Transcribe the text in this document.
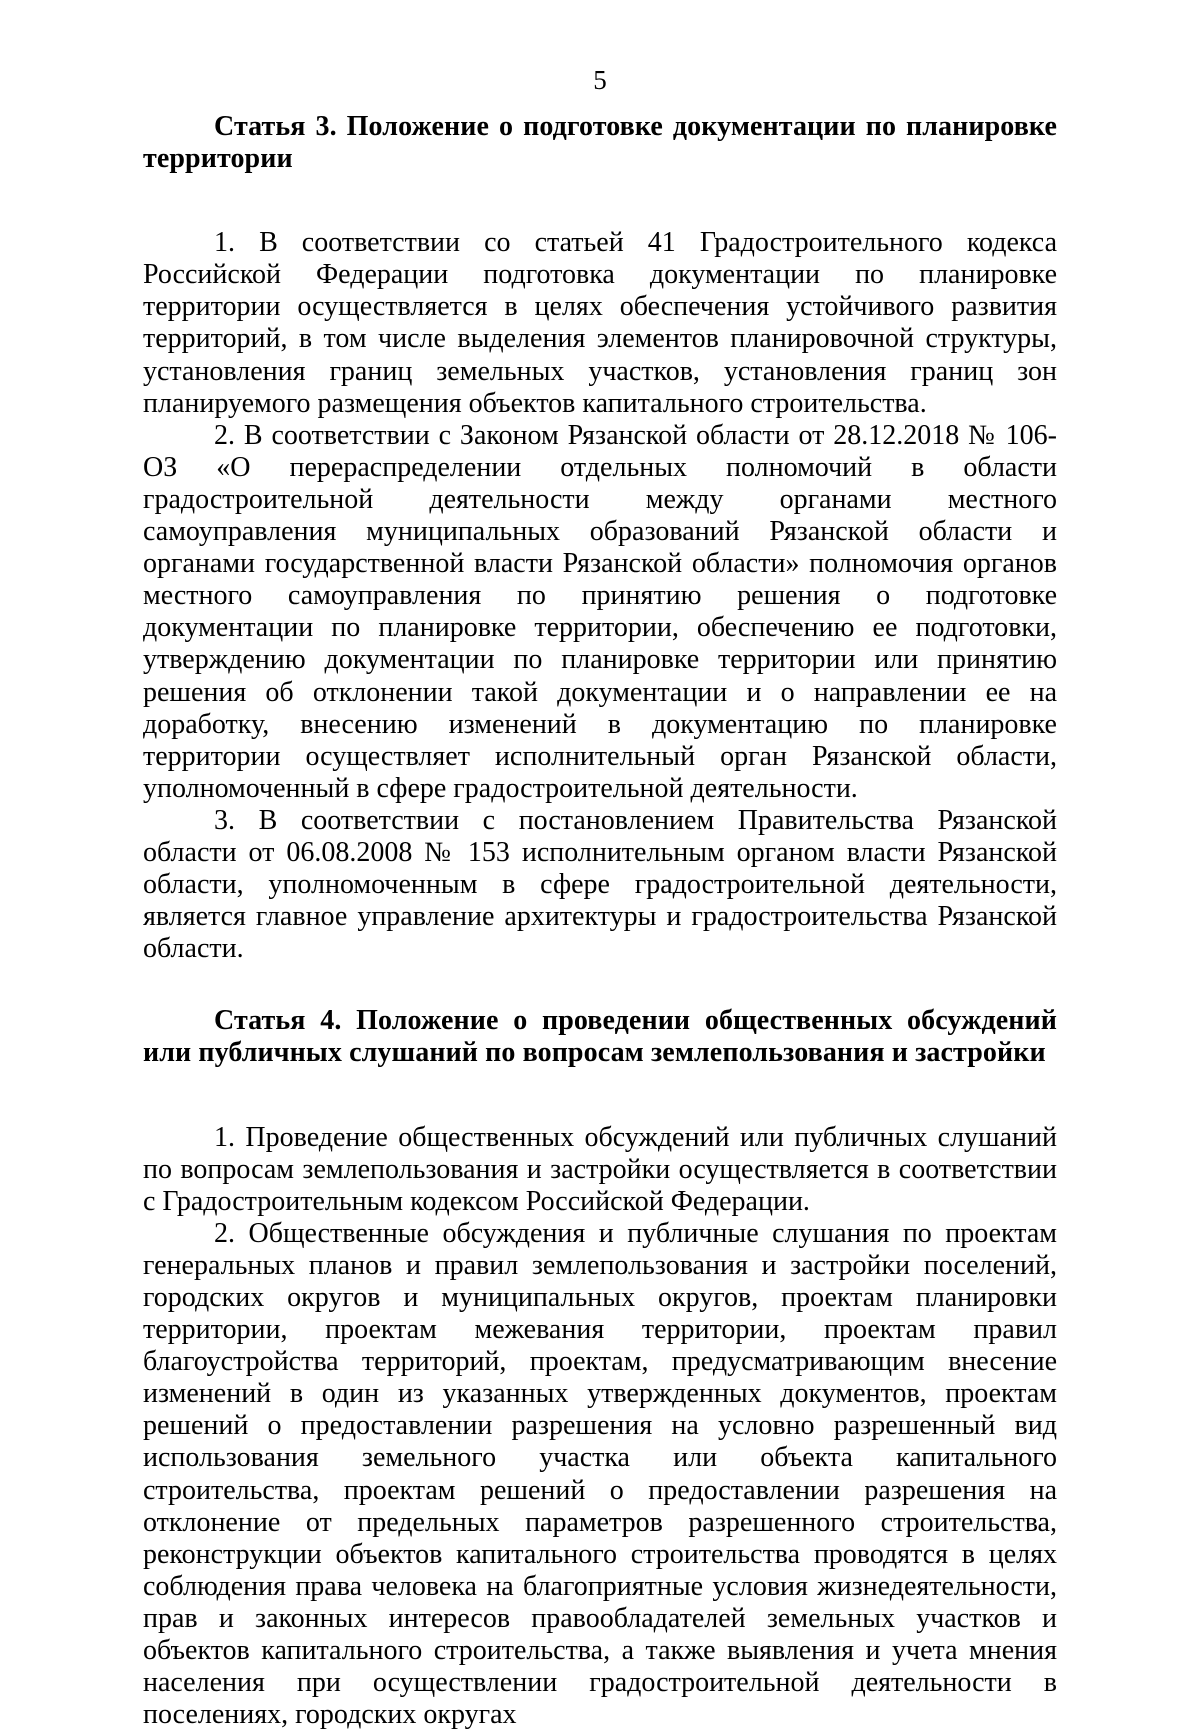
5
Статья 3. Положение о подготовке документации по планировке территории

1. В соответствии со статьей 41 Градостроительного кодекса Российской Федерации подготовка документации по планировке территории осуществляется в целях обеспечения устойчивого развития территорий, в том числе выделения элементов планировочной структуры, установления границ земельных участков, установления границ зон планируемого размещения объектов капитального строительства.

2. В соответствии с Законом Рязанской области от 28.12.2018 № 106-ОЗ «О перераспределении отдельных полномочий в области градостроительной деятельности между органами местного самоуправления муниципальных образований Рязанской области и органами государственной власти Рязанской области» полномочия органов местного самоуправления по принятию решения о подготовке документации по планировке территории, обеспечению ее подготовки, утверждению документации по планировке территории или принятию решения об отклонении такой документации и о направлении ее на доработку, внесению изменений в документацию по планировке территории осуществляет исполнительный орган Рязанской области, уполномоченный в сфере градостроительной деятельности.

3. В соответствии с постановлением Правительства Рязанской области от 06.08.2008 № 153 исполнительным органом власти Рязанской области, уполномоченным в сфере градостроительной деятельности, является главное управление архитектуры и градостроительства Рязанской области.

Статья 4. Положение о проведении общественных обсуждений или публичных слушаний по вопросам землепользования и застройки

1. Проведение общественных обсуждений или публичных слушаний по вопросам землепользования и застройки осуществляется в соответствии с Градостроительным кодексом Российской Федерации.

2. Общественные обсуждения и публичные слушания по проектам генеральных планов и правил землепользования и застройки поселений, городских округов и муниципальных округов, проектам планировки территории, проектам межевания территории, проектам правил благоустройства территорий, проектам, предусматривающим внесение изменений в один из указанных утвержденных документов, проектам решений о предоставлении разрешения на условно разрешенный вид использования земельного участка или объекта капитального строительства, проектам решений о предоставлении разрешения на отклонение от предельных параметров разрешенного строительства, реконструкции объектов капитального строительства проводятся в целях соблюдения права человека на благоприятные условия жизнедеятельности, прав и законных интересов правообладателей земельных участков и объектов капитального строительства, а также выявления и учета мнения населения при осуществлении градостроительной деятельности в поселениях, городских округах
